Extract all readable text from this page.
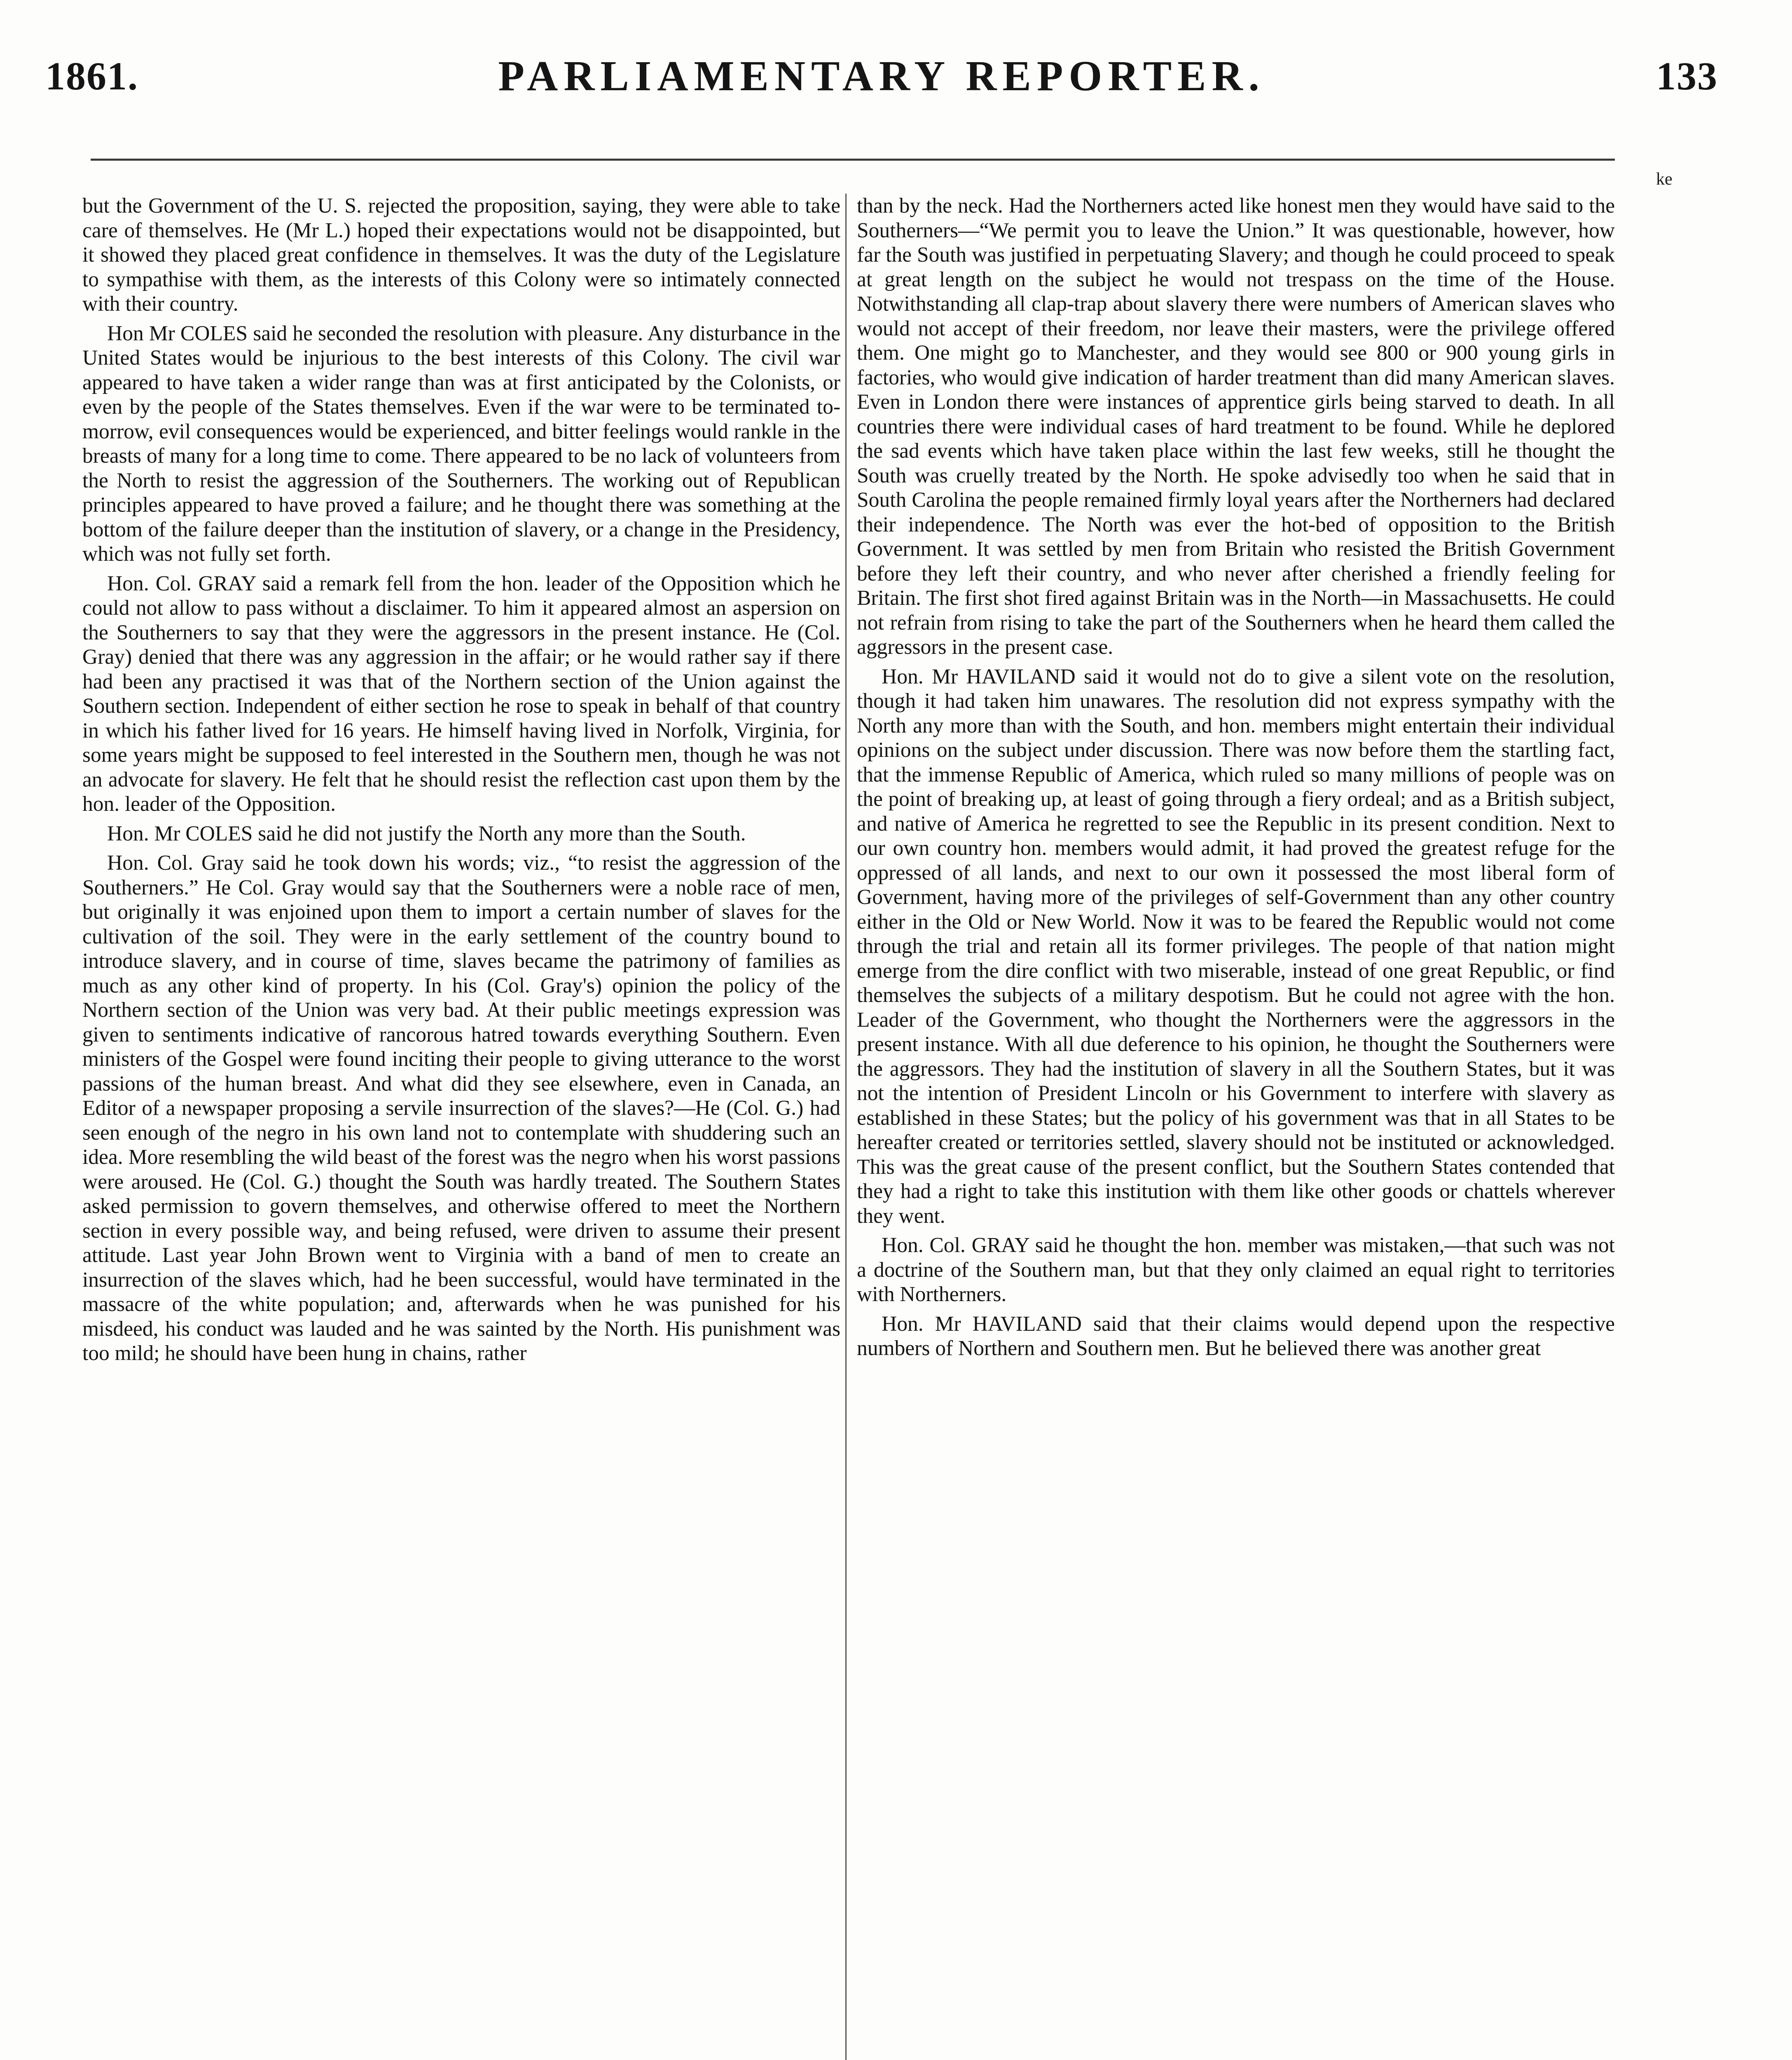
1861.	PARLIAMENTARY REPORTER.	133
ke

but the Government of the U. S. rejected the proposition, saying, they were able to take care of themselves. He (Mr L.) hoped their expectations would not be disappointed, but it showed they placed great confidence in themselves. It was the duty of the Legislature to sympathise with them, as the interests of this Colony were so intimately connected with their country.

Hon Mr COLES said he seconded the resolution with pleasure. Any disturbance in the United States would be injurious to the best interests of this Colony. The civil war appeared to have taken a wider range than was at first anticipated by the Colonists, or even by the people of the States themselves. Even if the war were to be terminated to-morrow, evil consequences would be experienced, and bitter feelings would rankle in the breasts of many for a long time to come. There appeared to be no lack of volunteers from the North to resist the aggression of the Southerners. The working out of Republican principles appeared to have proved a failure; and he thought there was something at the bottom of the failure deeper than the institution of slavery, or a change in the Presidency, which was not fully set forth.

Hon. Col. GRAY said a remark fell from the hon. leader of the Opposition which he could not allow to pass without a disclaimer. To him it appeared almost an aspersion on the Southerners to say that they were the aggressors in the present instance. He (Col. Gray) denied that there was any aggression in the affair; or he would rather say if there had been any practised it was that of the Northern section of the Union against the Southern section. Independent of either section he rose to speak in behalf of that country in which his father lived for 16 years. He himself having lived in Norfolk, Virginia, for some years might be supposed to feel interested in the Southern men, though he was not an advocate for slavery. He felt that he should resist the reflection cast upon them by the hon. leader of the Opposition.

Hon. Mr COLES said he did not justify the North any more than the South.

Hon. Col. Gray said he took down his words; viz., “to resist the aggression of the Southerners.” He Col. Gray would say that the Southerners were a noble race of men, but originally it was enjoined upon them to import a certain number of slaves for the cultivation of the soil. They were in the early settlement of the country bound to introduce slavery, and in course of time, slaves became the patrimony of families as much as any other kind of property. In his (Col. Gray's) opinion the policy of the Northern section of the Union was very bad. At their public meetings expression was given to sentiments indicative of rancorous hatred towards everything Southern. Even ministers of the Gospel were found inciting their people to giving utterance to the worst passions of the human breast. And what did they see elsewhere, even in Canada, an Editor of a newspaper proposing a servile insurrection of the slaves?—He (Col. G.) had seen enough of the negro in his own land not to contemplate with shuddering such an idea. More resembling the wild beast of the forest was the negro when his worst passions were aroused. He (Col. G.) thought the South was hardly treated. The Southern States asked permission to govern themselves, and otherwise offered to meet the Northern section in every possible way, and being refused, were driven to assume their present attitude. Last year John Brown went to Virginia with a band of men to create an insurrection of the slaves which, had he been successful, would have terminated in the massacre of the white population; and, afterwards when he was punished for his misdeed, his conduct was lauded and he was sainted by the North. His punishment was too mild; he should have been hung in chains, rather

than by the neck. Had the Northerners acted like honest men they would have said to the Southerners—“We permit you to leave the Union.” It was questionable, however, how far the South was justified in perpetuating Slavery; and though he could proceed to speak at great length on the subject he would not trespass on the time of the House. Notwithstanding all clap-trap about slavery there were numbers of American slaves who would not accept of their freedom, nor leave their masters, were the privilege offered them. One might go to Manchester, and they would see 800 or 900 young girls in factories, who would give indication of harder treatment than did many American slaves. Even in London there were instances of apprentice girls being starved to death. In all countries there were individual cases of hard treatment to be found. While he deplored the sad events which have taken place within the last few weeks, still he thought the South was cruelly treated by the North. He spoke advisedly too when he said that in South Carolina the people remained firmly loyal years after the Northerners had declared their independence. The North was ever the hot-bed of opposition to the British Government. It was settled by men from Britain who resisted the British Government before they left their country, and who never after cherished a friendly feeling for Britain. The first shot fired against Britain was in the North—in Massachusetts. He could not refrain from rising to take the part of the Southerners when he heard them called the aggressors in the present case.

Hon. Mr HAVILAND said it would not do to give a silent vote on the resolution, though it had taken him unawares. The resolution did not express sympathy with the North any more than with the South, and hon. members might entertain their individual opinions on the subject under discussion. There was now before them the startling fact, that the immense Republic of America, which ruled so many millions of people was on the point of breaking up, at least of going through a fiery ordeal; and as a British subject, and native of America he regretted to see the Republic in its present condition. Next to our own country hon. members would admit, it had proved the greatest refuge for the oppressed of all lands, and next to our own it possessed the most liberal form of Government, having more of the privileges of self-Government than any other country either in the Old or New World. Now it was to be feared the Republic would not come through the trial and retain all its former privileges. The people of that nation might emerge from the dire conflict with two miserable, instead of one great Republic, or find themselves the subjects of a military despotism. But he could not agree with the hon. Leader of the Government, who thought the Northerners were the aggressors in the present instance. With all due deference to his opinion, he thought the Southerners were the aggressors. They had the institution of slavery in all the Southern States, but it was not the intention of President Lincoln or his Government to interfere with slavery as established in these States; but the policy of his government was that in all States to be hereafter created or territories settled, slavery should not be instituted or acknowledged. This was the great cause of the present conflict, but the Southern States contended that they had a right to take this institution with them like other goods or chattels wherever they went.

Hon. Col. GRAY said he thought the hon. member was mistaken,—that such was not a doctrine of the Southern man, but that they only claimed an equal right to territories with Northerners.

Hon. Mr HAVILAND said that their claims would depend upon the respective numbers of Northern and Southern men. But he believed there was another great
